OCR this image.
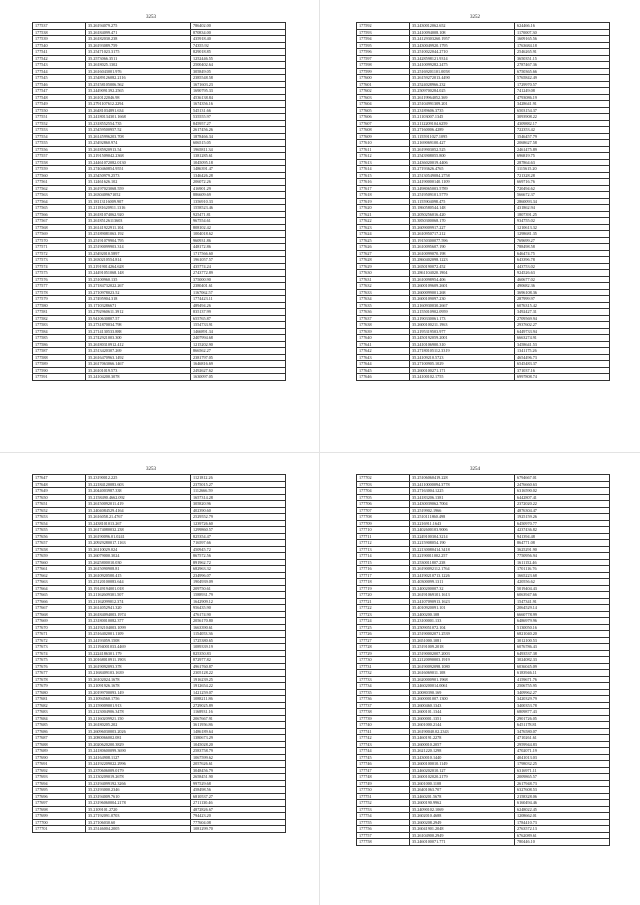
3253
177537	35.26194079.275	786402.00
177538	35.26184099.471	870834.00
177539	35.26182030.238	435918.40
177540	35.26193089.759	74355.92
177541	35.25471023.3175	829018.85
177542	35.2573066.3511	1252446.55
177543	35.2618025.1302	2500402.64
177544	35.2616043001.976	305849.05
177545	35.25489126082.2116	2385548.58
177546	35.25158105006.562	1671603.23
177547	35.2449091392.2565	1690795.33
177548	35.2610122046.98	4536138.84
177549	35.2791107612.2294	1674356.16
177550	35.26481034891.634	545131.66
177551	35.24180134301.1668	535555.97
177552	35.2318552554.735	845957.27
177553	35.25459500957.52	2617456.26
177554	35.26145996203.708	1878466.34
177555	35.25492860.974	606515.05
177556	35.26185920913.54	1965811.34
177557	35.2191509042.2368	1381285.61
177558	35.24461072082.0130	1045095.18
177559	35.2740460854.9551	1486391.47
177560	35.25450979.2573	1346426.28
177561	35.12461626.102	206072.26
177562	35.26197023068.559	416901.29
177563	35.2630409671052	886609.69
177564	35.18113116009.907	1356910.33
177565	35.21181620911.1316	1558523.46
177566	35.26181074062.920	925471.81
177567	35.26185126113603	967554.61
177568	35.26141922911.104	808102.42
177569	35.25189081063.192	1004018.62
177570	35.25191079904.795	960931.86
177571	35.25190099903.314	448172.86
177572	35.25492010.5897	1717566.60
177573	35.2630210554.814	1961057.57
177574	35.21919014264.628	435774.24
177575	35.24491051068.148	2743772.89
177576	35.25100960.135	375000.90
177577	35.27184732022.267	2380401.61
177578	35.2710978023.52	1167062.57
177579	35.27495904.318	1774423.11
177580	35.17103286671	489494.26
177581	35.2792960611.3912	835137.99
177582	35.9410630807.57	655765.87
177583	35.2731870034.798	1554733.91
177584	35.2714130533.888	1466891.34
177585	35.2742921003.300	2407994.68
177586	35.26180310912.412	1215202.90
177587	35.2513420307.269	866562.27
177588	35.2616470963.1492	2381797.05
177589	35.2617063066.1467	1646816.69
177590	35.26101019.573	2492627.62
177591	35.24104200.3078	1630097.05
3252
177592	35.2430012062.652	624466.16
177593	35.2410094008.108	1170007.30
177594	35.24129303260.1957	1609165.56
177595	35.2430049920.1795	1763684.18
177596	35.2510022044.2710	2546265.91
177597	35.2428598121.9314	3650351.15
177598	35.2410099282.2475	2787467.36
177599	35.25169201101.0058	6750365.66
177600	35.26159272013.4490	5765842.49
177601	35.2524028966.232	1729970.57
177602	35.2509700284.025	741249.08
177603	35.26119964052.369	4793086.19
177604	35.25104991309.201	3428641.91
177605	35.23189606.3735	6503154.37
177606	35.21103007.1345	3093908.22
177607	35.2112209104.6259	4309882.17
177608	35.27160006.4289	722353.42
177609	35.1155911027.1095	1546457.79
177610	35.2169069100.427	2068627.58
177611	35.2619903052.525	2461475.89
177612	35.2543908055.800	696819.75
177613	35.2436020019.4406	287864.63
177614	35.27193626.4765	1115615.20
177615	35.25130549084.2758	721328.28
177616	35.24190000140.1109	669716.76
177617	35.2498065003.5789	720494.62
177618	35.2519509101.5779	566672.37
177619	35.1155904098.475	2860093.34
177620	35.1860580544.148	431862.94
177621	35.2050256016.420	1807391.25
177622	35.3850300068.170	934755.02
177623	35.2609009917.227	1210613.32
177624	35.2610950717.212	1298681.35
177625	35.19150300077.596	769699.27
177626	35.2610095607.190	788498.58
177627	35.2610099070.198	646474.75
177628	35.2860402098.1223	643396.78
177629	35.2650190072.452	443753.02
177630	35.2861104020.1904	924526.63
177631	35.2610098954.406	460677.02
177632	35.2600109609.2601	490682.36
177633	35.2600099001.268	3696108.36
177634	35.2600109097.230	287999.97
177635	35.2160930030.2667	6076315.42
177636	35.2155010902.0959	3492427.31
177637	35.2190330061.173	2709569.94
177638	35.2600100211.1963	2937602.27
177639	35.2195319503.977	6449733.94
177640	35.2450192059.2001	6663274.91
177641	35.2410106900.310	3458641.53
177642	35.27180105112.3319	1341175.26
177643	35.24109210.5723	4654496.73
177644	35.27100905.1029	6545483.37
177645	35.2600100271.171	371037.16
177646	35.24100102.1755	6997808.74
3253
177647	35.23190012.225	1121812.26
177648	35.22184120083.603	2375015.27
177649	35.2044003987.338	1112666.59
177650	35.2158490.4662.092	1657314.28
177651	35.26150092011.419	305820.96
177652	35.2404084529.4164	402390.60
177653	35.2616058.21.4767	2529552.79
177654	35.2438101013.267	1239726.60
177655	35.26174080032.238	1299860.57
177656	35.26190096.01.0241	825354.47
177657	35.20929280017.1163	716597.66
177658	35.26110029.024	450945.72
177659	35.26079000.3024	867572.56
177660	35.2625800010.030	891962.72
177661	35.2615090908.81	682963.32
177662	35.2610920500.415	234996.07
177663	35.25120100083.644	1904939.09
177664	35.19149194001.018	209750.61
177665	35.21162609301.507	1588931.79
177666	35.21162099012.374	1642909.12
177667	35.2614052941.320	956435.90
177668	35.26184094003.1974	476174.90
177669	35.23180010082.377	2056170.80
177670	35.24192104003.1099	1663390.61
177671	35.2516402001.1109	1154053.36
177672	35.24193059.1508	1725380.65
177673	35.21194001033.4469	1089339.19
177674	35.2224186301.179	825350.83
177675	35.20168010911.1903	872977.82
177676	35.2619092093.378	4961760.87
177677	35.2168409103.1639	2305128.22
177678	35.26102024.1678	1916239.25
177679	35.21091926.1678	1912654.22
177680	35.20199700093.149	1421259.07
177681	35.21094560.1756	1088211.86
177682	35.2159009001.913	2729025.89
177683	35.2123004906.3478	1168931.16
177684	35.21160209921.150	2067667.91
177685	35.26180205.202	3611956.86
177686	35.26096030003.2026	1486189.64
177687	35.2080066002.081	1380673.29
177688	35.2020620200.3829	1045028.20
177689	35.24180600099.3690	2583758.79
177690	35.24164908.1127	1067599.62
177691	35.24192209022.2996	2057626.61
177692	35.2370606009.0179	3048456.79
177693	35.2130209019.2678	2658451.90
177694	35.23194099192.3266	997529.68
177695	35.23193000.2346	458498.56
177696	35.23194009.7610	6810537.27
177697	35.23196060004.2178	2711130.46
177698	35.2109101.2720	4872826.67
177699	35.27192091.0703	794423.20
177700	35.27106030.60	777604.08
177701	35.25146004.2005	1081299.70
3254
177702	35.25106060419.228	6794667.01
177703	35.24110000094.3778	2476660.63
177704	35.27163004.1225	6316590.02
177705	35.24183206.1381	6442807.41
177706	35.2430039062.7004	2372020.22
177707	35.2519902.1966	4876304.47
177708	35.2510111860.498	1925159.26
177709	35.2216911.1643	6450970.77
177710	35.2402600103.9006	4237436.82
177711	35.2249100304.3214	941394.48
177712	35.2215908054.190	864771.08
177713	35.22130080414.3418	3625291.90
177714	35.22190011002.257	7750956.94
177715	35.2530011807.238	1611152.46
177716	35.26190092112.1764	1701116.76
177717	35.24190210713.1226	1665223.68
177718	35.40300099.1311	420556.62
177719	35.2400200007.32	5019404.43
177720	35.26191069101.1613	6063947.66
177721	35.24107090913.1623	1547341.91
177722	35.4010920091.101	2064529.14
177723	35.2400200.108	6660778.99
177724	35.23100001.133	6486979.96
177725	35.2509051072.104	5130050.16
177726	35.25190002071.2539	6821040.20
177727	35.2651000.1081	3012100.53
177728	35.25191009.2018	6076786.43
177729	35.25190002007.2003	6493537.38
177730	35.22120090003.1919	3024082.33
177731	35.26190092098.1080	6036045.09
177732	35.2616069011.108	6183946.11
177733	35.2620000901.1968	4159671.76
177734	35.2460200014.0061	2506755.95
177735	35.20080390.169	3409962.27
177736	35.2600001007.1300	3420329.79
177737	35.2600460.1343	3400353.78
177738	35.2600101.1344	6809877.43
177739	35.2600001.1351	2901726.05
177740	35.2601000.2144	6451178.81
177741	35.26190040.02.2343	3476580.07
177742	35.2460191.2278	4710261.61
177743	35.2600010.2057	2959944.83
177744	35.2621220.1298	4702071.19
177745	35.2430010.1440	4041013.03
177746	35.2600100010.1149	1798032.25
177747	35.2460202010.127	6316971.11
177748	35.2600102020.2179	2009865.57
177749	35.2601000.1108	2617948.73
177750	35.26401063.707	6327608.53
177751	35.2460201.5678	2158328.06
177752	35.2600190.9962	6160494.46
177753	35.24090102.1069	6248022.45
177754	35.2602010.4688	1208662.01
177755	35.2600208.2949	1784410.73
177756	35.26041901.2048	2763572.13
177757	35.26104900.2949	6762089.61
177758	35.2460100071.771	780446.10
